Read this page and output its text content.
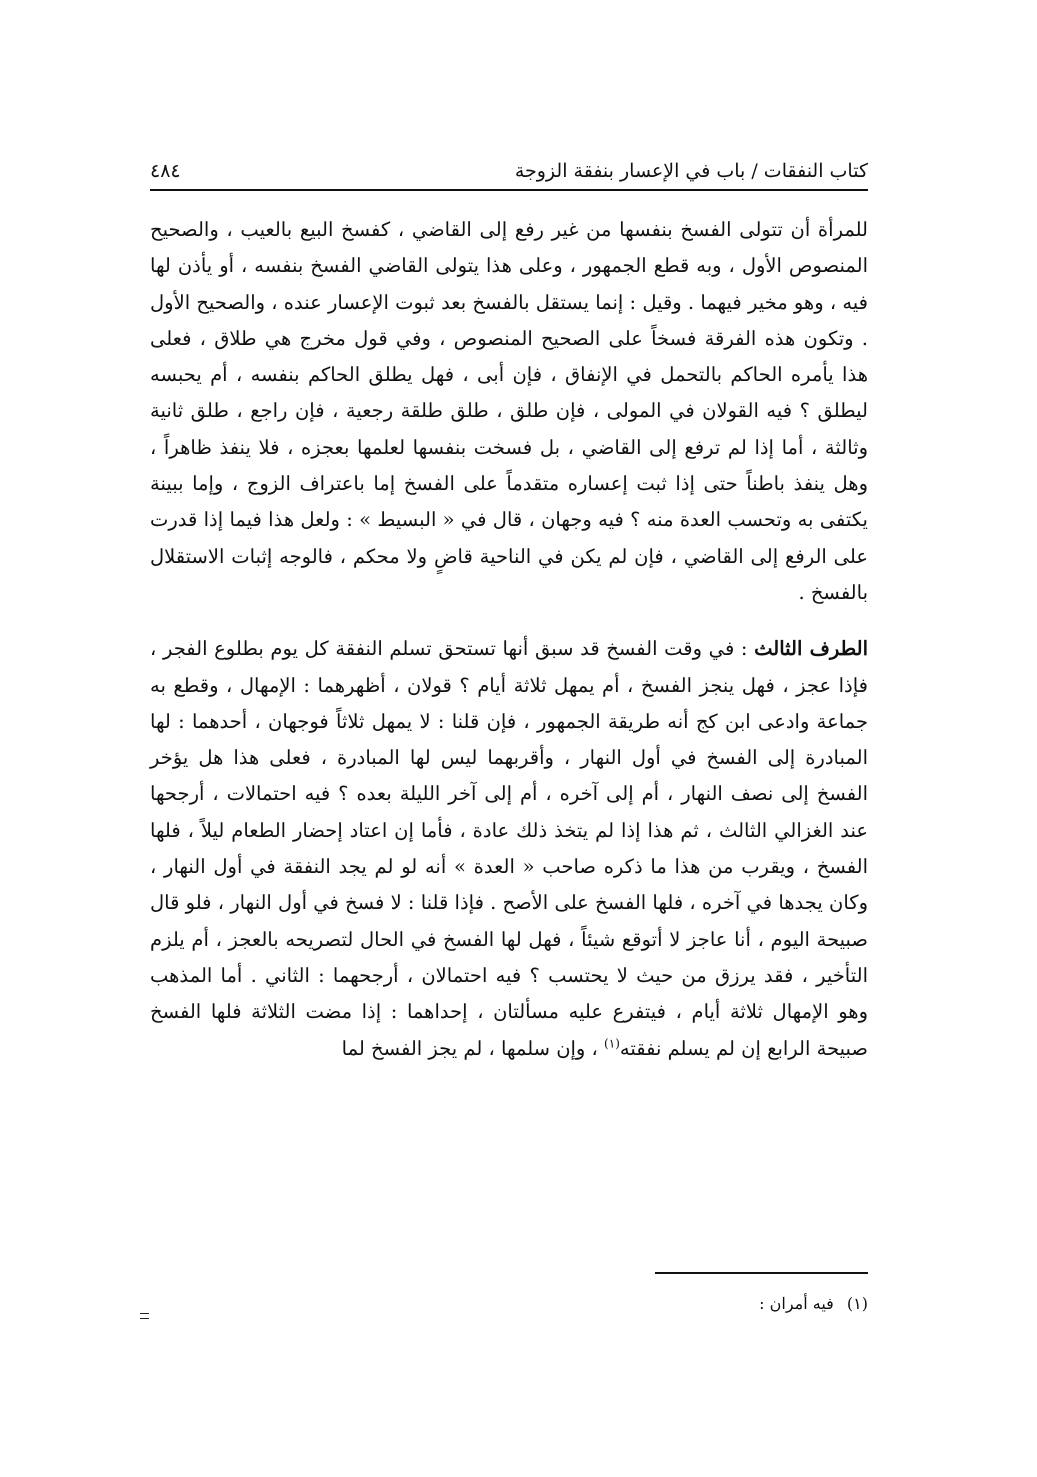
كتاب النفقات / باب في الإعسار بنفقة الزوجة
٤٨٤

للمرأة أن تتولى الفسخ بنفسها من غير رفع إلى القاضي ، كفسخ البيع بالعيب ، والصحيح المنصوص الأول ، وبه قطع الجمهور ، وعلى هذا يتولى القاضي الفسخ بنفسه ، أو يأذن لها فيه ، وهو مخير فيهما . وقيل : إنما يستقل بالفسخ بعد ثبوت الإعسار عنده ، والصحيح الأول . وتكون هذه الفرقة فسخاً على الصحيح المنصوص ، وفي قول مخرج هي طلاق ، فعلى هذا يأمره الحاكم بالتحمل في الإنفاق ، فإن أبى ، فهل يطلق الحاكم بنفسه ، أم يحبسه ليطلق ؟ فيه القولان في المولى ، فإن طلق ، طلق طلقة رجعية ، فإن راجع ، طلق ثانية وثالثة ، أما إذا لم ترفع إلى القاضي ، بل فسخت بنفسها لعلمها بعجزه ، فلا ينفذ ظاهراً ، وهل ينفذ باطناً حتى إذا ثبت إعساره متقدماً على الفسخ إما باعتراف الزوج ، وإما ببينة يكتفى به وتحسب العدة منه ؟ فيه وجهان ، قال في « البسيط » : ولعل هذا فيما إذا قدرت على الرفع إلى القاضي ، فإن لم يكن في الناحية قاضٍ ولا محكم ، فالوجه إثبات الاستقلال بالفسخ .

الطرف الثالث : في وقت الفسخ قد سبق أنها تستحق تسلم النفقة كل يوم بطلوع الفجر ، فإذا عجز ، فهل ينجز الفسخ ، أم يمهل ثلاثة أيام ؟ قولان ، أظهرهما : الإمهال ، وقطع به جماعة وادعى ابن كج أنه طريقة الجمهور ، فإن قلنا : لا يمهل ثلاثاً فوجهان ، أحدهما : لها المبادرة إلى الفسخ في أول النهار ، وأقربهما ليس لها المبادرة ، فعلى هذا هل يؤخر الفسخ إلى نصف النهار ، أم إلى آخره ، أم إلى آخر الليلة بعده ؟ فيه احتمالات ، أرجحها عند الغزالي الثالث ، ثم هذا إذا لم يتخذ ذلك عادة ، فأما إن اعتاد إحضار الطعام ليلاً ، فلها الفسخ ، ويقرب من هذا ما ذكره صاحب « العدة » أنه لو لم يجد النفقة في أول النهار ، وكان يجدها في آخره ، فلها الفسخ على الأصح . فإذا قلنا : لا فسخ في أول النهار ، فلو قال صبيحة اليوم ، أنا عاجز لا أتوقع شيئاً ، فهل لها الفسخ في الحال لتصريحه بالعجز ، أم يلزم التأخير ، فقد يرزق من حيث لا يحتسب ؟ فيه احتمالان ، أرجحهما : الثاني . أما المذهب وهو الإمهال ثلاثة أيام ، فيتفرع عليه مسألتان ، إحداهما : إذا مضت الثلاثة فلها الفسخ صبيحة الرابع إن لم يسلم نفقته$^{(١)}$ ، وإن سلمها ، لم يجز الفسخ لما

(١) فيه أمران :
